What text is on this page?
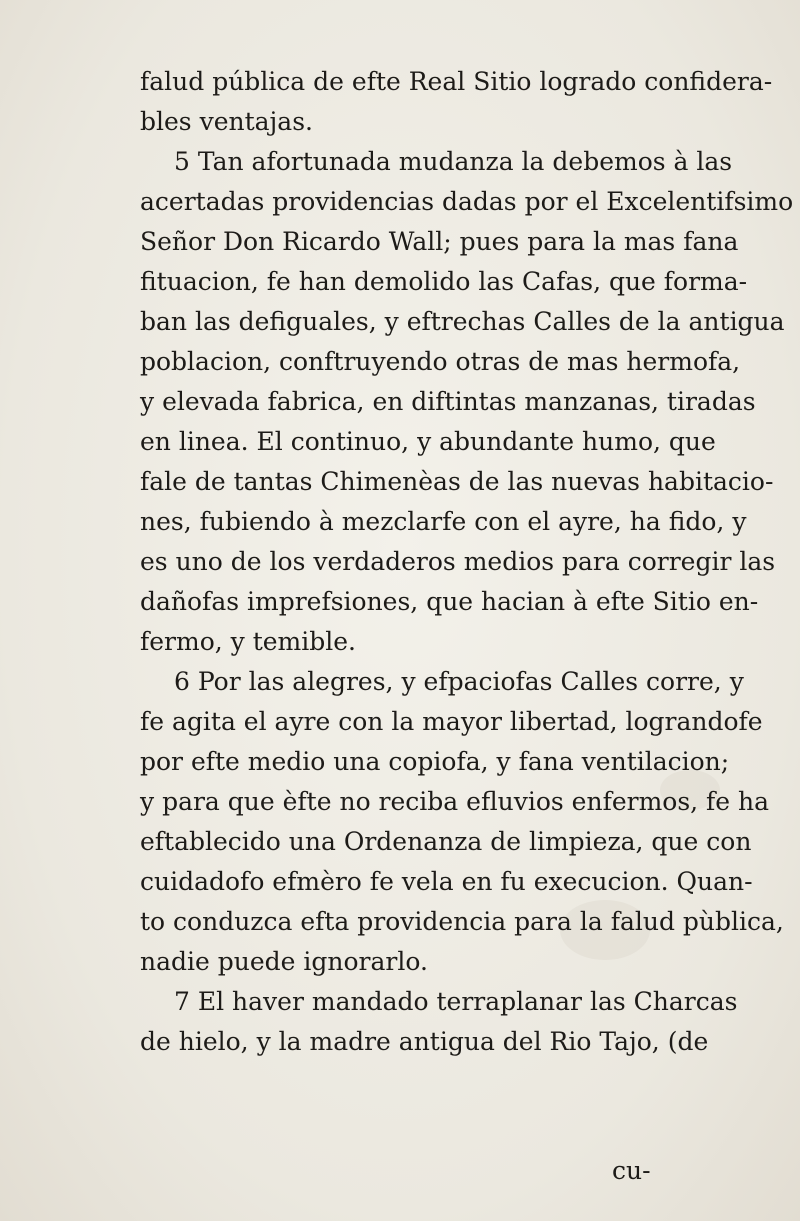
falud pública de efte Real Sitio logrado confidera-
bles ventajas.
5 Tan afortunada mudanza la debemos à las
acertadas providencias dadas por el Excelentifsimo
Señor Don Ricardo Wall; pues para la mas fana
fituacion, fe han demolido las Cafas, que forma-
ban las defiguales, y eftrechas Calles de la antigua
poblacion, conftruyendo otras de mas hermofa,
y elevada fabrica, en diftintas manzanas, tiradas
en linea. El continuo, y abundante humo, que
fale de tantas Chimenèas de las nuevas habitacio-
nes, fubiendo à mezclarfe con el ayre, ha fido, y
es uno de los verdaderos medios para corregir las
dañofas imprefsiones, que hacian à efte Sitio en-
fermo, y temible.
6 Por las alegres, y efpaciofas Calles corre, y
fe agita el ayre con la mayor libertad, lograndofe
por efte medio una copiofa, y fana ventilacion;
y para que èfte no reciba efluvios enfermos, fe ha
eftablecido una Ordenanza de limpieza, que con
cuidadofo efmèro fe vela en fu execucion. Quan-
to conduzca efta providencia para la falud pùblica,
nadie puede ignorarlo.
7 El haver mandado terraplanar las Charcas
de hielo, y la madre antigua del Rio Tajo, (de
cu-
